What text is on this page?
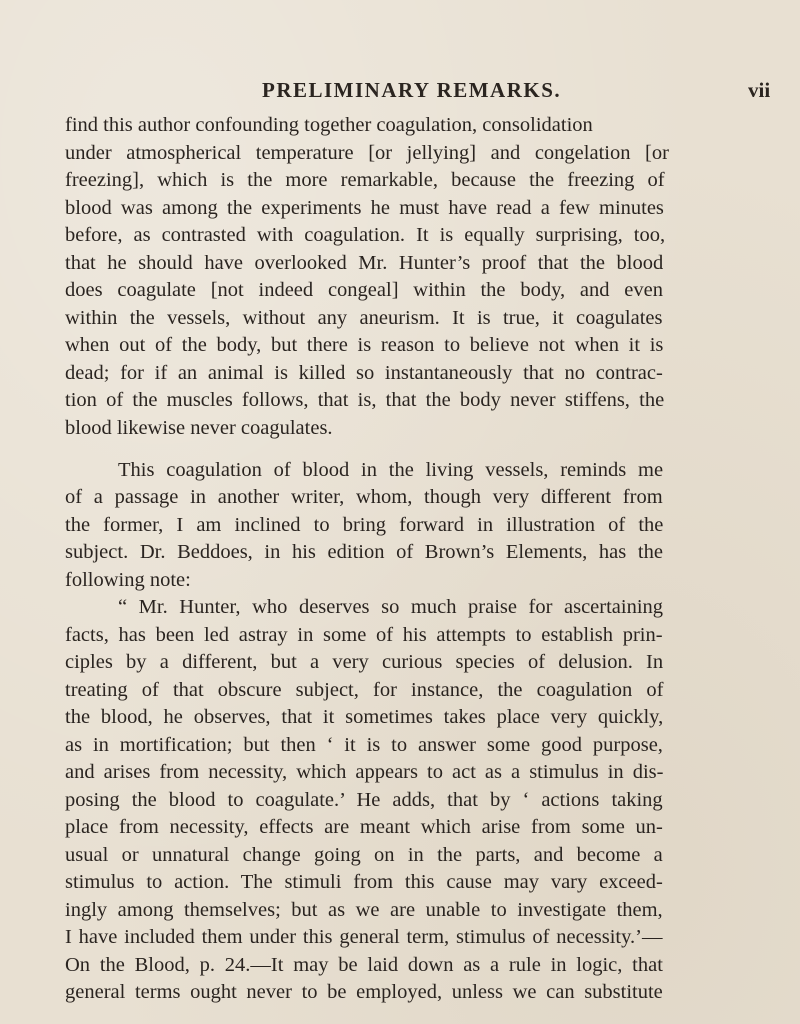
PRELIMINARY REMARKS.	vii
find this author confounding together coagulation, consolidation
under atmospherical temperature [or jellying] and congelation [or
freezing], which is the more remarkable, because the freezing of
blood was among the experiments he must have read a few minutes
before, as contrasted with coagulation. It is equally surprising, too,
that he should have overlooked Mr. Hunter’s proof that the blood
does coagulate [not indeed congeal] within the body, and even
within the vessels, without any aneurism. It is true, it coagulates
when out of the body, but there is reason to believe not when it is
dead; for if an animal is killed so instantaneously that no contrac-
tion of the muscles follows, that is, that the body never stiffens, the
blood likewise never coagulates.
This coagulation of blood in the living vessels, reminds me
of a passage in another writer, whom, though very different from
the former, I am inclined to bring forward in illustration of the
subject. Dr. Beddoes, in his edition of Brown’s Elements, has the
following note:
“ Mr. Hunter, who deserves so much praise for ascertaining
facts, has been led astray in some of his attempts to establish prin-
ciples by a different, but a very curious species of delusion. In
treating of that obscure subject, for instance, the coagulation of
the blood, he observes, that it sometimes takes place very quickly,
as in mortification; but then ‘ it is to answer some good purpose,
and arises from necessity, which appears to act as a stimulus in dis-
posing the blood to coagulate.’ He adds, that by ‘ actions taking
place from necessity, effects are meant which arise from some un-
usual or unnatural change going on in the parts, and become a
stimulus to action. The stimuli from this cause may vary exceed-
ingly among themselves; but as we are unable to investigate them,
I have included them under this general term, stimulus of necessity.’—
On the Blood, p. 24.—It may be laid down as a rule in logic, that
general terms ought never to be employed, unless we can substitute
